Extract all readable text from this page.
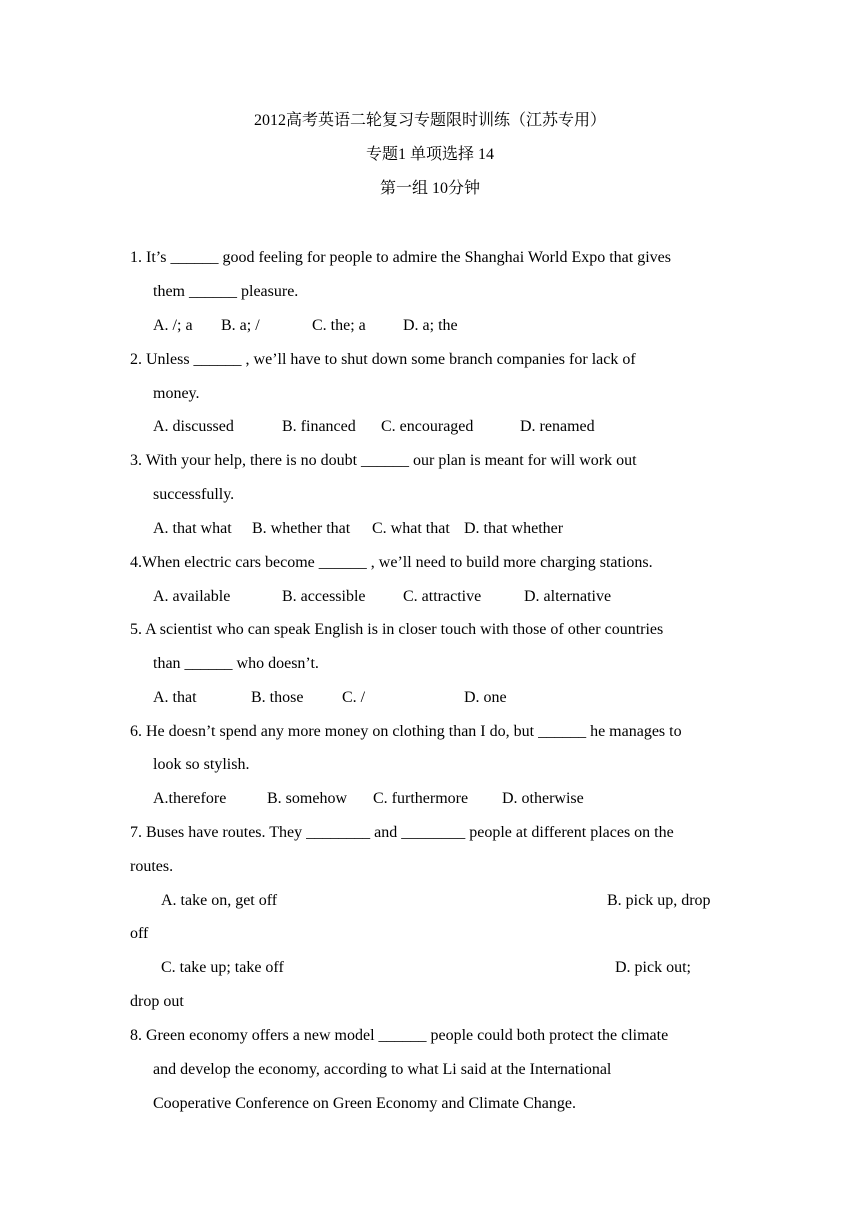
2012高考英语二轮复习专题限时训练（江苏专用）
专题1 单项选择 14
第一组 10分钟
1. It’s ______ good feeling for people to admire the Shanghai World Expo that gives
them ______ pleasure.
A. /; a B. a; /	C. the; a D. a; the
2. Unless ______ , we’ll have to shut down some branch companies for lack of
money.
A. discussed	B. financed C. encouraged	D. renamed
3. With your help, there is no doubt ______ our plan is meant for will work out
successfully.
A. that what B. whether that C. what that D. that whether
4.When electric cars become ______ , we’ll need to build more charging stations.
A. available	B. accessible C. attractive	D. alternative
5. A scientist who can speak English is in closer touch with those of other countries
than ______ who doesn’t.
A. that	B. those C. /	D. one
6. He doesn’t spend any more money on clothing than I do, but ______ he manages to
look so stylish.
A.therefore	B. somehow C. furthermore D. otherwise
7. Buses have routes. They ________ and ________ people at different places on the
routes.
A. take on, get off	B. pick up, drop
off
C. take up; take off	D. pick out;
drop out
8. Green economy offers a new model ______ people could both protect the climate
and develop the economy, according to what Li said at the International
Cooperative Conference on Green Economy and Climate Change.
